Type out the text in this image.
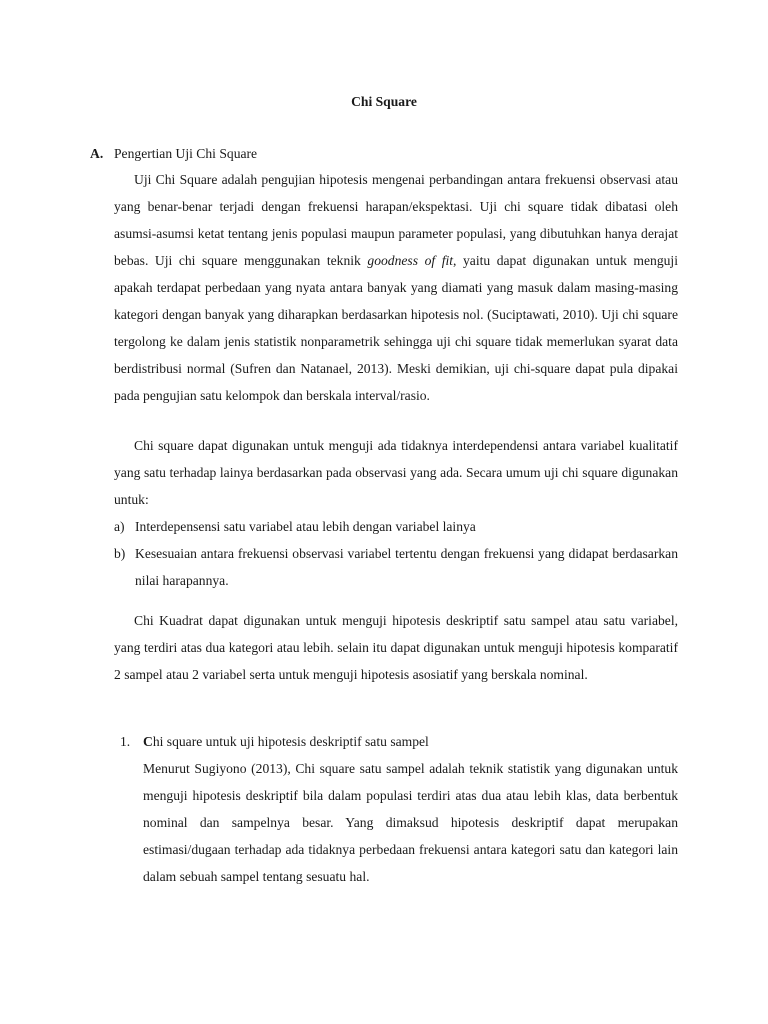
Chi Square
A. Pengertian Uji Chi Square

Uji Chi Square adalah pengujian hipotesis mengenai perbandingan antara frekuensi observasi atau yang benar-benar terjadi dengan frekuensi harapan/ekspektasi. Uji chi square tidak dibatasi oleh asumsi-asumsi ketat tentang jenis populasi maupun parameter populasi, yang dibutuhkan hanya derajat bebas. Uji chi square menggunakan teknik goodness of fit, yaitu dapat digunakan untuk menguji apakah terdapat perbedaan yang nyata antara banyak yang diamati yang masuk dalam masing-masing kategori dengan banyak yang diharapkan berdasarkan hipotesis nol. (Suciptawati, 2010). Uji chi square tergolong ke dalam jenis statistik nonparametrik sehingga uji chi square tidak memerlukan syarat data berdistribusi normal (Sufren dan Natanael, 2013). Meski demikian, uji chi-square dapat pula dipakai pada pengujian satu kelompok dan berskala interval/rasio.

Chi square dapat digunakan untuk menguji ada tidaknya interdependensi antara variabel kualitatif yang satu terhadap lainya berdasarkan pada observasi yang ada. Secara umum uji chi square digunakan untuk:

a) Interdepensensi satu variabel atau lebih dengan variabel lainya
b) Kesesuaian antara frekuensi observasi variabel tertentu dengan frekuensi yang didapat berdasarkan nilai harapannya.

Chi Kuadrat dapat digunakan untuk menguji hipotesis deskriptif satu sampel atau satu variabel, yang terdiri atas dua kategori atau lebih. selain itu dapat digunakan untuk menguji hipotesis komparatif 2 sampel atau 2 variabel serta untuk menguji hipotesis asosiatif yang berskala nominal.

1. Chi square untuk uji hipotesis deskriptif satu sampel

Menurut Sugiyono (2013), Chi square satu sampel adalah teknik statistik yang digunakan untuk menguji hipotesis deskriptif bila dalam populasi terdiri atas dua atau lebih klas, data berbentuk nominal dan sampelnya besar. Yang dimaksud hipotesis deskriptif dapat merupakan estimasi/dugaan terhadap ada tidaknya perbedaan frekuensi antara kategori satu dan kategori lain dalam sebuah sampel tentang sesuatu hal.
